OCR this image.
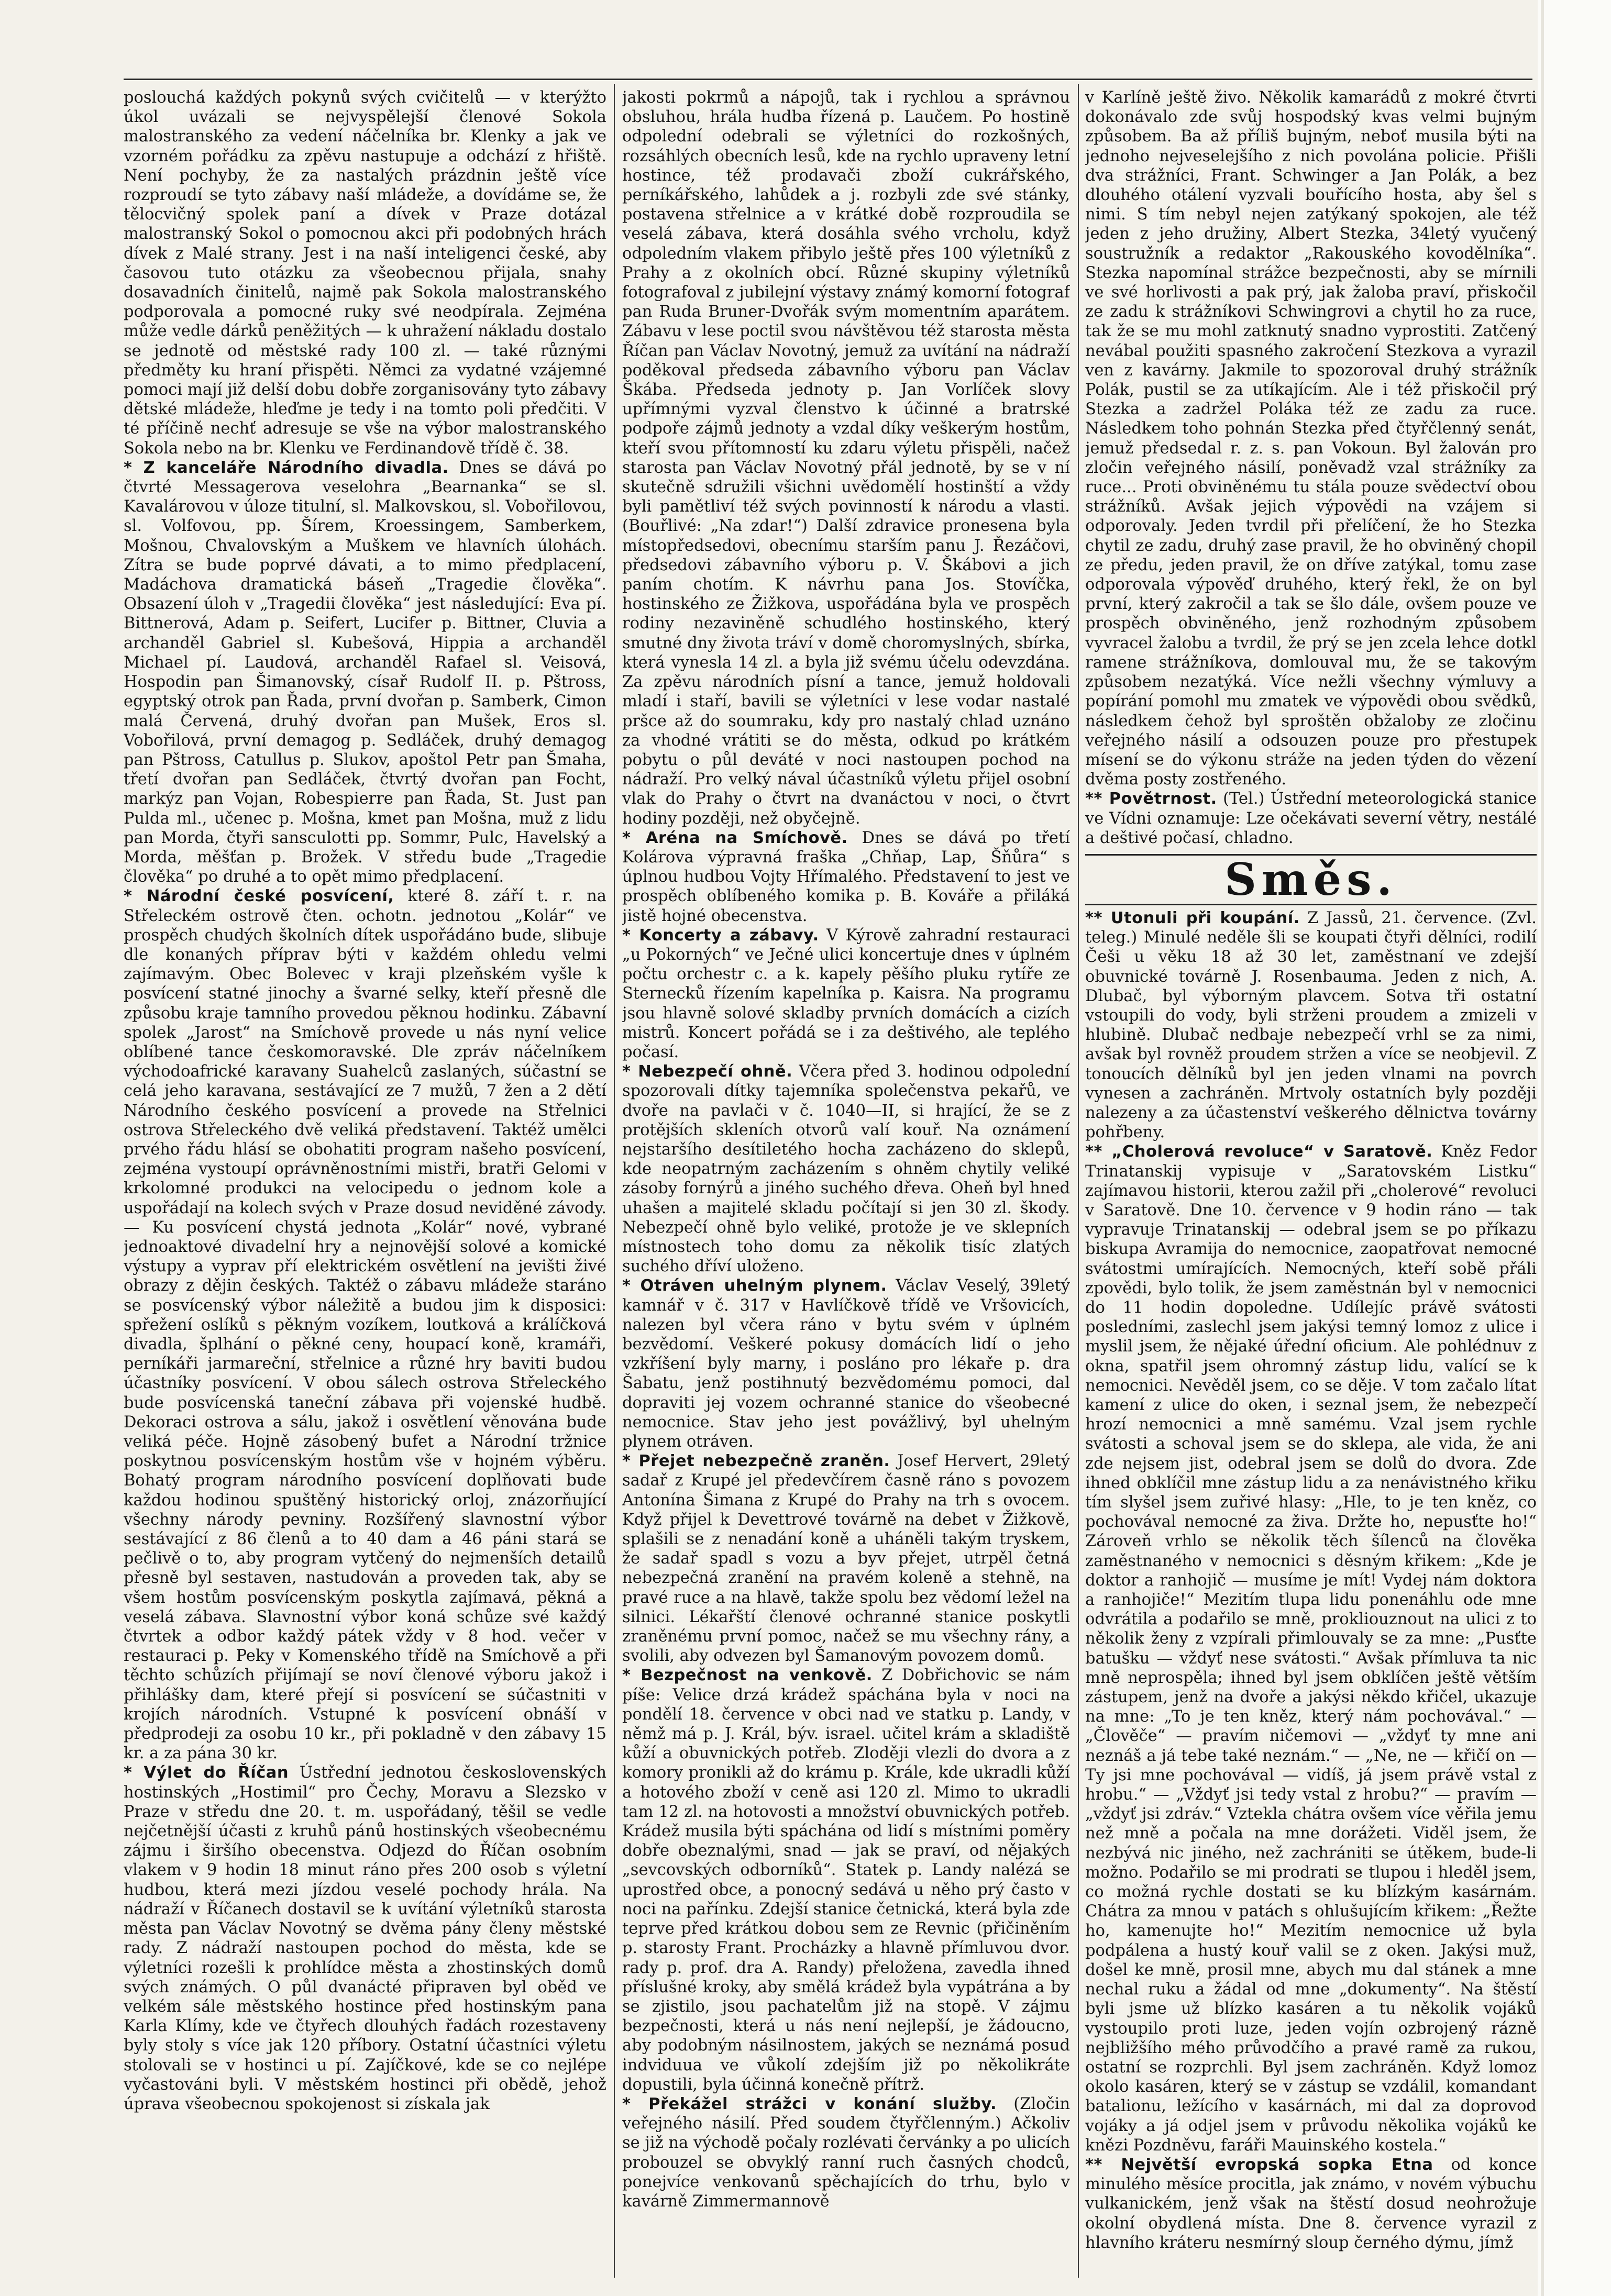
poslouchá každých pokynů svých cvičitelů — v kterýžto úkol uvázali se nejvyspělejší členové Sokola malostranského za vedení náčelníka br. Klenky a jak ve vzorném pořádku za zpěvu nastupuje a odchází z hřiště. Není pochyby, že za nastalých prázdnin ještě více rozproudí se tyto zábavy naší mládeže, a dovídáme se, že tělocvičný spolek paní a dívek v Praze dotázal malostranský Sokol o pomocnou akci při podobných hrách dívek z Malé strany. Jest i na naší inteligenci české, aby časovou tuto otázku za všeobecnou přijala, snahy dosavadních činitelů, najmě pak Sokola malostranského podporovala a pomocné ruky své neodpírala. Zejména může vedle dárků peněžitých — k uhražení nákladu dostalo se jednotě od městské rady 100 zl. — také různými předměty ku hraní přispěti. Němci za vydatné vzájemné pomoci mají již delší dobu dobře zorganisovány tyto zábavy dětské mládeže, hleďme je tedy i na tomto poli předčiti. V té příčině nechť adresuje se vše na výbor malostranského Sokola nebo na br. Klenku ve Ferdinandově třídě č. 38.

* Z kanceláře Národního divadla. Dnes se dává po čtvrté Messagerova veselohra „Bearnanka“ se sl. Kavalárovou v úloze titulní, sl. Malkovskou, sl. Vobořilovou, sl. Volfovou, pp. Šírem, Kroessingem, Samberkem, Mošnou, Chvalovským a Muškem ve hlavních úlohách. Zítra se bude poprvé dávati, a to mimo předplacení, Madáchova dramatická báseň „Tragedie člověka“. Obsazení úloh v „Tragedii člověka“ jest následující: Eva pí. Bittnerová, Adam p. Seifert, Lucifer p. Bittner, Cluvia a archanděl Gabriel sl. Kubešová, Hippia a archanděl Michael pí. Laudová, archanděl Rafael sl. Veisová, Hospodin pan Šimanovský, císař Rudolf II. p. Pštross, egyptský otrok pan Řada, první dvořan p. Samberk, Cimon malá Červená, druhý dvořan pan Mušek, Eros sl. Vobořilová, první demagog p. Sedláček, druhý demagog pan Pštross, Catullus p. Slukov, apoštol Petr pan Šmaha, třetí dvořan pan Sedláček, čtvrtý dvořan pan Focht, markýz pan Vojan, Robespierre pan Řada, St. Just pan Pulda ml., učenec p. Mošna, kmet pan Mošna, muž z lidu pan Morda, čtyři sansculotti pp. Sommr, Pulc, Havelský a Morda, měšťan p. Brožek. V středu bude „Tragedie člověka“ po druhé a to opět mimo předplacení.

* Národní české posvícení, které 8. září t. r. na Střeleckém ostrově čten. ochotn. jednotou „Kolár“ ve prospěch chudých školních dítek uspořádáno bude, slibuje dle konaných příprav býti v každém ohledu velmi zajímavým. Obec Bolevec v kraji plzeňském vyšle k posvícení statné jinochy a švarné selky, kteří přesně dle způsobu kraje tamního provedou pěknou hodinku. Zábavní spolek „Jarost“ na Smíchově provede u nás nyní velice oblíbené tance českomoravské. Dle zpráv náčelníkem východoafrické karavany Suahelců zaslaných, súčastní se celá jeho karavana, sestávající ze 7 mužů, 7 žen a 2 dětí Národního českého posvícení a provede na Střelnici ostrova Střeleckého dvě veliká představení. Taktéž umělci prvého řádu hlásí se obohatiti program našeho posvícení, zejména vystoupí oprávněnostními mistři, bratři Gelomi v krkolomné produkci na velocipedu o jednom kole a uspořádají na kolech svých v Praze dosud neviděné závody. — Ku posvícení chystá jednota „Kolár“ nové, vybrané jednoaktové divadelní hry a nejnovější solové a komické výstupy a vyprav pří elektrickém osvětlení na jevišti živé obrazy z dějin českých. Taktéž o zábavu mládeže staráno se posvícenský výbor náležitě a budou jim k disposici: spřežení oslíků s pěkným vozíkem, loutková a králíčková divadla, šplhání o pěkné ceny, houpací koně, kramáři, perníkáři jarmareční, střelnice a různé hry baviti budou účastníky posvícení. V obou sálech ostrova Střeleckého bude posvícenská taneční zábava při vojenské hudbě. Dekoraci ostrova a sálu, jakož i osvětlení věnována bude veliká péče. Hojně zásobený bufet a Národní tržnice poskytnou posvícenským hostům vše v hojném výběru. Bohatý program národního posvícení doplňovati bude každou hodinou spuštěný historický orloj, znázorňující všechny národy pevniny. Rozšířený slavnostní výbor sestávající z 86 členů a to 40 dam a 46 páni stará se pečlivě o to, aby program vytčený do nejmenších detailů přesně byl sestaven, nastudován a proveden tak, aby se všem hostům posvícenským poskytla zajímavá, pěkná a veselá zábava. Slavnostní výbor koná schůze své každý čtvrtek a odbor každý pátek vždy v 8 hod. večer v restauraci p. Peky v Komenského třídě na Smíchově a při těchto schůzích přijímají se noví členové výboru jakož i přihlášky dam, které přejí si posvícení se súčastniti v krojích národních. Vstupné k posvícení obnáší v předprodeji za osobu 10 kr., při pokladně v den zábavy 15 kr. a za pána 30 kr.

* Výlet do Říčan Ústřední jednotou československých hostinských „Hostimil“ pro Čechy, Moravu a Slezsko v Praze v středu dne 20. t. m. uspořádaný, těšil se vedle nejčetnější účasti z kruhů pánů hostinských všeobecnému zájmu i širšího obecenstva. Odjezd do Říčan osobním vlakem v 9 hodin 18 minut ráno přes 200 osob s výletní hudbou, která mezi jízdou veselé pochody hrála. Na nádraží v Říčanech dostavil se k uvítání výletníků starosta města pan Václav Novotný se dvěma pány členy městské rady. Z nádraží nastoupen pochod do města, kde se výletníci rozešli k prohlídce města a zhostinských domů svých známých. O půl dvanácté připraven byl oběd ve velkém sále městského hostince před hostinským pana Karla Klímy, kde ve čtyřech dlouhých řadách rozestaveny byly stoly s více jak 120 příbory. Ostatní účastníci výletu stolovali se v hostinci u pí. Zajíčkové, kde se co nejlépe vyčastováni byli. V městském hostinci při obědě, jehož úprava všeobecnou spokojenost si získala jak

jakosti pokrmů a nápojů, tak i rychlou a správnou obsluhou, hrála hudba řízená p. Laučem. Po hostině odpolední odebrali se výletníci do rozkošných, rozsáhlých obecních lesů, kde na rychlo upraveny letní hostince, též prodavači zboží cukrářského, perníkářského, lahůdek a j. rozbyli zde své stánky, postavena střelnice a v krátké době rozproudila se veselá zábava, která dosáhla svého vrcholu, když odpoledním vlakem přibylo ještě přes 100 výletníků z Prahy a z okolních obcí. Různé skupiny výletníků fotografoval z jubilejní výstavy známý komorní fotograf pan Ruda Bruner-Dvořák svým momentním aparátem. Zábavu v lese poctil svou návštěvou též starosta města Říčan pan Václav Novotný, jemuž za uvítání na nádraží poděkoval předseda zábavního výboru pan Václav Škába. Předseda jednoty p. Jan Vorlíček slovy upřímnými vyzval členstvo k účinné a bratrské podpoře zájmů jednoty a vzdal díky veškerým hostům, kteří svou přítomností ku zdaru výletu přispěli, načež starosta pan Václav Novotný přál jednotě, by se v ní skutečně sdružili všichni uvědomělí hostinští a vždy byli pamětliví též svých povinností k národu a vlasti. (Bouřlivé: „Na zdar!“) Další zdravice pronesena byla místopředsedovi, obecnímu starším panu J. Řezáčovi, předsedovi zábavního výboru p. V. Škábovi a jich paním chotím. K návrhu pana Jos. Stovíčka, hostinského ze Žižkova, uspořádána byla ve prospěch rodiny nezaviněně schudlého hostinského, který smutné dny života tráví v domě choromyslných, sbírka, která vynesla 14 zl. a byla již svému účelu odevzdána. Za zpěvu národních písní a tance, jemuž holdovali mladí i staří, bavili se výletníci v lese vodar nastalé pršce až do soumraku, kdy pro nastalý chlad uznáno za vhodné vrátiti se do města, odkud po krátkém pobytu o půl deváté v noci nastoupen pochod na nádraží. Pro velký nával účastníků výletu přijel osobní vlak do Prahy o čtvrt na dvanáctou v noci, o čtvrt hodiny později, než obyčejně.

* Aréna na Smíchově. Dnes se dává po třetí Kolárova výpravná fraška „Chňap, Lap, Šňůra“ s úplnou hudbou Vojty Hřímalého. Představení to jest ve prospěch oblíbeného komika p. B. Kováře a přiláká jistě hojné obecenstva.

* Koncerty a zábavy. V Kýrově zahradní restauraci „u Pokorných“ ve Ječné ulici koncertuje dnes v úplném počtu orchestr c. a k. kapely pěšího pluku rytíře ze Sternecků řízením kapelníka p. Kaisra. Na programu jsou hlavně solové skladby prvních domácích a cizích mistrů. Koncert pořádá se i za deštivého, ale teplého počasí.

* Nebezpečí ohně. Včera před 3. hodinou odpolední spozorovali dítky tajemníka společenstva pekařů, ve dvoře na pavlači v č. 1040—II, si hrající, že se z protějších skleních otvorů valí kouř. Na oznámení nejstaršího desítiletého hocha zacházeno do sklepů, kde neopatrným zacházením s ohněm chytily veliké zásoby fornýrů a jiného suchého dřeva. Oheň byl hned uhašen a majitelé skladu počítají si jen 30 zl. škody. Nebezpečí ohně bylo veliké, protože je ve sklepních místnostech toho domu za několik tisíc zlatých suchého dříví uloženo.

* Otráven uhelným plynem. Václav Veselý, 39letý kamnář v č. 317 v Havlíčkově třídě ve Vršovicích, nalezen byl včera ráno v bytu svém v úplném bezvědomí. Veškeré pokusy domácích lidí o jeho vzkříšení byly marny, i posláno pro lékaře p. dra Šabatu, jenž postihnutý bezvědomému pomoci, dal dopraviti jej vozem ochranné stanice do všeobecné nemocnice. Stav jeho jest povážlivý, byl uhelným plynem otráven.

* Přejet nebezpečně zraněn. Josef Hervert, 29letý sadař z Krupé jel předevčírem časně ráno s povozem Antonína Šimana z Krupé do Prahy na trh s ovocem. Když přijel k Devettrové továrně na debet v Žižkově, splašili se z nenadání koně a uháněli takým tryskem, že sadař spadl s vozu a byv přejet, utrpěl četná nebezpečná zranění na pravém koleně a stehně, na pravé ruce a na hlavě, takže spolu bez vědomí ležel na silnici. Lékařští členové ochranné stanice poskytli zraněnému první pomoc, načež se mu všechny rány, a svolili, aby odvezen byl Šamanovým povozem domů.

* Bezpečnost na venkově. Z Dobřichovic se nám píše: Velice drzá krádež spáchána byla v noci na pondělí 18. července v obci nad ve statku p. Landy, v němž má p. J. Král, býv. israel. učitel krám a skladiště kůží a obuvnických potřeb. Zloději vlezli do dvora a z komory pronikli až do krámu p. Krále, kde ukradli kůží a hotového zboží v ceně asi 120 zl. Mimo to ukradli tam 12 zl. na hotovosti a množství obuvnických potřeb. Krádež musila býti spáchána od lidí s místními poměry dobře obeznalými, snad — jak se praví, od nějakých „sevcovských odborníků“. Statek p. Landy nalézá se uprostřed obce, a ponocný sedává u něho prý často v noci na pařínku. Zdejší stanice četnická, která byla zde teprve před krátkou dobou sem ze Revnic (přičiněním p. starosty Frant. Procházky a hlavně přímluvou dvor. rady p. prof. dra A. Randy) přeložena, zavedla ihned příslušné kroky, aby smělá krádež byla vypátrána a by se zjistilo, jsou pachatelům již na stopě. V zájmu bezpečnosti, která u nás není nejlepší, je žádoucno, aby podobným násilnostem, jakých se neznámá posud indviduua ve vůkolí zdejším již po několikráte dopustili, byla účinná konečně přítrž.

* Překážel strážci v konání služby. (Zločin veřejného násilí. Před soudem čtyřčlenným.) Ačkoliv se již na východě počaly rozlévati červánky a po ulicích probouzel se obvyklý ranní ruch časných chodců, ponejvíce venkovanů spěchajících do trhu, bylo v kavárně Zimmermannově

v Karlíně ještě živo. Několik kamarádů z mokré čtvrti dokonávalo zde svůj hospodský kvas velmi bujným způsobem. Ba až příliš bujným, neboť musila býti na jednoho nejveselejšího z nich povolána policie. Přišli dva strážníci, Frant. Schwinger a Jan Polák, a bez dlouhého otálení vyzvali bouřícího hosta, aby šel s nimi. S tím nebyl nejen zatýkaný spokojen, ale též jeden z jeho družiny, Albert Stezka, 34letý vyučený soustružník a redaktor „Rakouského kovodělníka“. Stezka napomínal strážce bezpečnosti, aby se mírnili ve své horlivosti a pak prý, jak žaloba praví, přiskočil ze zadu k strážníkovi Schwingrovi a chytil ho za ruce, tak že se mu mohl zatknutý snadno vyprostiti. Zatčený nevábal použiti spasného zakročení Stezkova a vyrazil ven z kavárny. Jakmile to spozoroval druhý strážník Polák, pustil se za utíkajícím. Ale i též přiskočil prý Stezka a zadržel Poláka též ze zadu za ruce. Následkem toho pohnán Stezka před čtyřčlenný senát, jemuž předsedal r. z. s. pan Vokoun. Byl žalován pro zločin veřejného násilí, poněvadž vzal strážníky za ruce... Proti obviněnému tu stála pouze svědectví obou strážníků. Avšak jejich výpovědi na vzájem si odporovaly. Jeden tvrdil při přelíčení, že ho Stezka chytil ze zadu, druhý zase pravil, že ho obviněný chopil ze předu, jeden pravil, že on dříve zatýkal, tomu zase odporovala výpověď druhého, který řekl, že on byl první, který zakročil a tak se šlo dále, ovšem pouze ve prospěch obviněného, jenž rozhodným způsobem vyvracel žalobu a tvrdil, že prý se jen zcela lehce dotkl ramene strážníkova, domlouval mu, že se takovým způsobem nezatýká. Více nežli všechny výmluvy a popírání pomohl mu zmatek ve výpovědi obou svědků, následkem čehož byl sproštěn obžaloby ze zločinu veřejného násilí a odsouzen pouze pro přestupek mísení se do výkonu stráže na jeden týden do vězení dvěma posty zostřeného.

** Povětrnost. (Tel.) Ústřední meteorologická stanice ve Vídni oznamuje: Lze očekávati severní větry, nestálé a deštivé počasí, chladno.

Směs.

** Utonuli při koupání. Z Jassů, 21. července. (Zvl. teleg.) Minulé neděle šli se koupati čtyři dělníci, rodilí Češi u věku 18 až 30 let, zaměstnaní ve zdejší obuvnické továrně J. Rosenbauma. Jeden z nich, A. Dlubač, byl výborným plavcem. Sotva tři ostatní vstoupili do vody, byli strženi proudem a zmizeli v hlubině. Dlubač nedbaje nebezpečí vrhl se za nimi, avšak byl rovněž proudem stržen a více se neobjevil. Z tonoucích dělníků byl jen jeden vlnami na povrch vynesen a zachráněn. Mrtvoly ostatních byly později nalezeny a za účastenství veškerého dělnictva továrny pohřbeny.

** „Cholerová revoluce“ v Saratově. Kněz Fedor Trinatanskij vypisuje v „Saratovském Listku“ zajímavou historii, kterou zažil při „cholerové“ revoluci v Saratově. Dne 10. července v 9 hodin ráno — tak vypravuje Trinatanskij — odebral jsem se po příkazu biskupa Avramija do nemocnice, zaopatřovat nemocné svátostmi umírajících. Nemocných, kteří sobě přáli zpovědi, bylo tolik, že jsem zaměstnán byl v nemocnici do 11 hodin dopoledne. Udílejíc právě svátosti posledními, zaslechl jsem jakýsi temný lomoz z ulice i myslil jsem, že nějaké úřední oficium. Ale pohlédnuv z okna, spatřil jsem ohromný zástup lidu, valící se k nemocnici. Nevěděl jsem, co se děje. V tom začalo lítat kamení z ulice do oken, i seznal jsem, že nebezpečí hrozí nemocnici a mně samému. Vzal jsem rychle svátosti a schoval jsem se do sklepa, ale vida, že ani zde nejsem jist, odebral jsem se dolů do dvora. Zde ihned obklíčil mne zástup lidu a za nenávistného křiku tím slyšel jsem zuřivé hlasy: „Hle, to je ten kněz, co pochovával nemocné za živa. Držte ho, nepusťte ho!“ Zároveň vrhlo se několik těch šílenců na člověka zaměstnaného v nemocnici s děsným křikem: „Kde je doktor a ranhojič — musíme je mít! Vydej nám doktora a ranhojiče!“ Mezitím tlupa lidu ponenáhlu ode mne odvrátila a podařilo se mně, prokliouznout na ulici z to několik ženy z vzpírali přimlouvaly se za mne: „Pusťte batušku — vždyť nese svátosti.“ Avšak přímluva ta nic mně neprospěla; ihned byl jsem obklíčen ještě větším zástupem, jenž na dvoře a jakýsi někdo křičel, ukazuje na mne: „To je ten kněz, který nám pochovával.“ — „Člověče“ — pravím ničemovi — „vždyť ty mne ani neznáš a já tebe také neznám.“ — „Ne, ne — křičí on — Ty jsi mne pochovával — vidíš, já jsem právě vstal z hrobu.“ — „Vždyť jsi tedy vstal z hrobu?“ — pravím — „vždyť jsi zdráv.“ Vztekla chátra ovšem více věřila jemu než mně a počala na mne dorážeti. Viděl jsem, že nezbývá nic jiného, než zachrániti se útěkem, bude-li možno. Podařilo se mi prodrati se tlupou i hleděl jsem, co možná rychle dostati se ku blízkým kasárnám. Chátra za mnou v patách s ohlušujícím křikem: „Řežte ho, kamenujte ho!“ Mezitím nemocnice už byla podpálena a hustý kouř valil se z oken. Jakýsi muž, došel ke mně, prosil mne, abych mu dal stánek a mne nechal ruku a žádal od mne „dokumenty“. Na štěstí byli jsme už blízko kasáren a tu několik vojáků vystoupilo proti luze, jeden vojín ozbrojený rázně nejbližšího mého průvodčího a pravé ramě za rukou, ostatní se rozprchli. Byl jsem zachráněn. Když lomoz okolo kasáren, který se v zástup se vzdálil, komandant batalionu, ležícího v kasárnách, mi dal za doprovod vojáky a já odjel jsem v průvodu několika vojáků ke knězi Pozdněvu, faráři Mauinského kostela.“

** Největší evropská sopka Etna od konce minulého měsíce procitla, jak známo, v novém výbuchu vulkanickém, jenž však na štěstí dosud neohrožuje okolní obydlená místa. Dne 8. července vyrazil z hlavního kráteru nesmírný sloup černého dýmu, jímž
